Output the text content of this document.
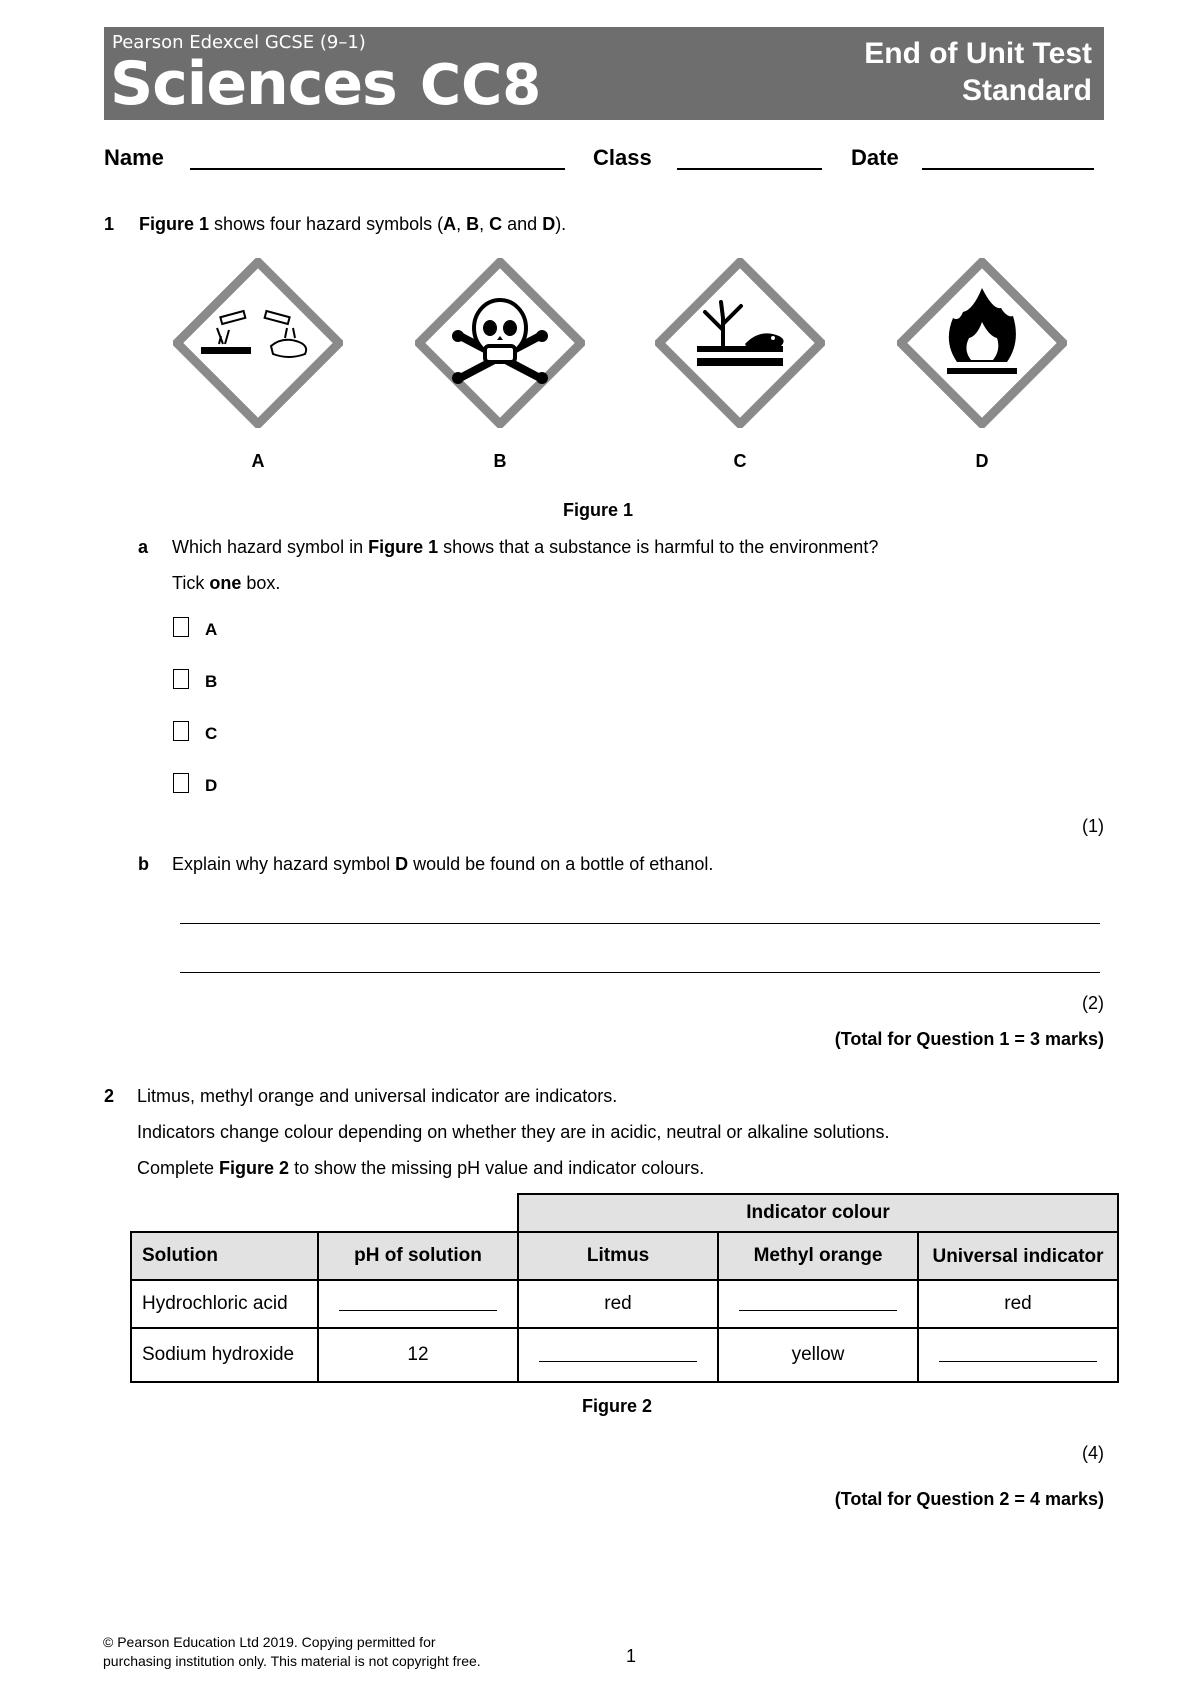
Pearson Edexcel GCSE (9–1)
Sciences CC8	End of Unit Test
Standard
Name	Class	Date
1 Figure 1 shows four hazard symbols (A, B, C and D).
A	B	C	D
Figure 1
a Which hazard symbol in Figure 1 shows that a substance is harmful to the environment?
Tick one box.
A
B
C
D
(1)
b Explain why hazard symbol D would be found on a bottle of ethanol.
(2)
(Total for Question 1 = 3 marks)
2 Litmus, methyl orange and universal indicator are indicators.
Indicators change colour depending on whether they are in acidic, neutral or alkaline solutions.
Complete Figure 2 to show the missing pH value and indicator colours.
		Indicator colour		
Solution	pH of solution	Litmus	Methyl orange	Universal indicator
Hydrochloric acid		red		red
Sodium hydroxide	12		yellow	
Figure 2
(4)
(Total for Question 2 = 4 marks)
© Pearson Education Ltd 2019. Copying permitted for
purchasing institution only. This material is not copyright free.	1
